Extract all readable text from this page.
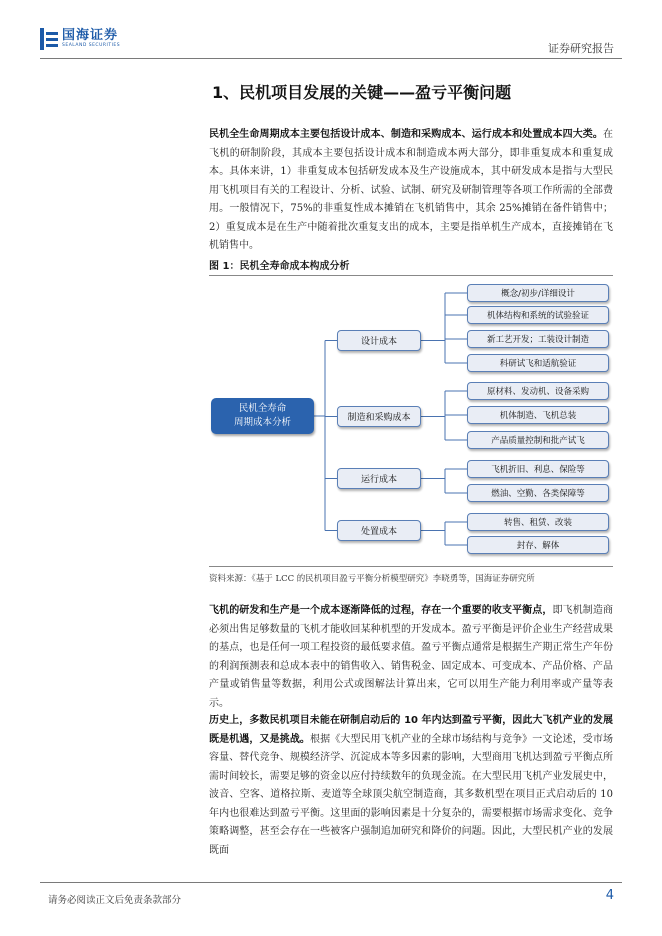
国海证券
SEALAND SECURITIES	证券研究报告
1、民机项目发展的关键——盈亏平衡问题
民机全生命周期成本主要包括设计成本、制造和采购成本、运行成本和处置成本四大类。在飞机的研制阶段，其成本主要包括设计成本和制造成本两大部分，即非重复成本和重复成本。具体来讲，1）非重复成本包括研发成本及生产设施成本，其中研发成本是指与大型民用飞机项目有关的工程设计、分析、试验、试制、研究及研制管理等各项工作所需的全部费用。一般情况下，75%的非重复性成本摊销在飞机销售中，其余 25%摊销在备件销售中；2）重复成本是在生产中随着批次重复支出的成本，主要是指单机生产成本，直接摊销在飞机销售中。
图 1：民机全寿命成本构成分析
民机全寿命
周期成本分析
设计成本
制造和采购成本
运行成本
处置成本
概念/初步/详细设计
机体结构和系统的试验验证
新工艺开发；工装设计制造
科研试飞和适航验证
原材料、发动机、设备采购
机体制造、飞机总装
产品质量控制和批产试飞
飞机折旧、利息、保险等
燃油、空勤、各类保障等
转售、租赁、改装
封存、解体
资料来源：《基于 LCC 的民机项目盈亏平衡分析模型研究》李晓勇等，国海证券研究所
飞机的研发和生产是一个成本逐渐降低的过程，存在一个重要的收支平衡点，即飞机制造商必须出售足够数量的飞机才能收回某种机型的开发成本。盈亏平衡是评价企业生产经营成果的基点，也是任何一项工程投资的最低要求值。盈亏平衡点通常是根据生产期正常生产年份的利润预测表和总成本表中的销售收入、销售税金、固定成本、可变成本、产品价格、产品产量或销售量等数据，利用公式或图解法计算出来，它可以用生产能力利用率或产量等表示。
历史上，多数民机项目未能在研制启动后的 10 年内达到盈亏平衡，因此大飞机产业的发展既是机遇，又是挑战。根据《大型民用飞机产业的全球市场结构与竞争》一文论述，受市场容量、替代竞争、规模经济学、沉淀成本等多因素的影响，大型商用飞机达到盈亏平衡点所需时间较长，需要足够的资金以应付持续数年的负现金流。在大型民用飞机产业发展史中，波音、空客、道格拉斯、麦道等全球顶尖航空制造商，其多数机型在项目正式启动后的 10 年内也很难达到盈亏平衡。这里面的影响因素是十分复杂的，需要根据市场需求变化、竞争策略调整，甚至会存在一些被客户强制追加研究和降价的问题。因此，大型民机产业的发展既面
请务必阅读正文后免责条款部分	4
